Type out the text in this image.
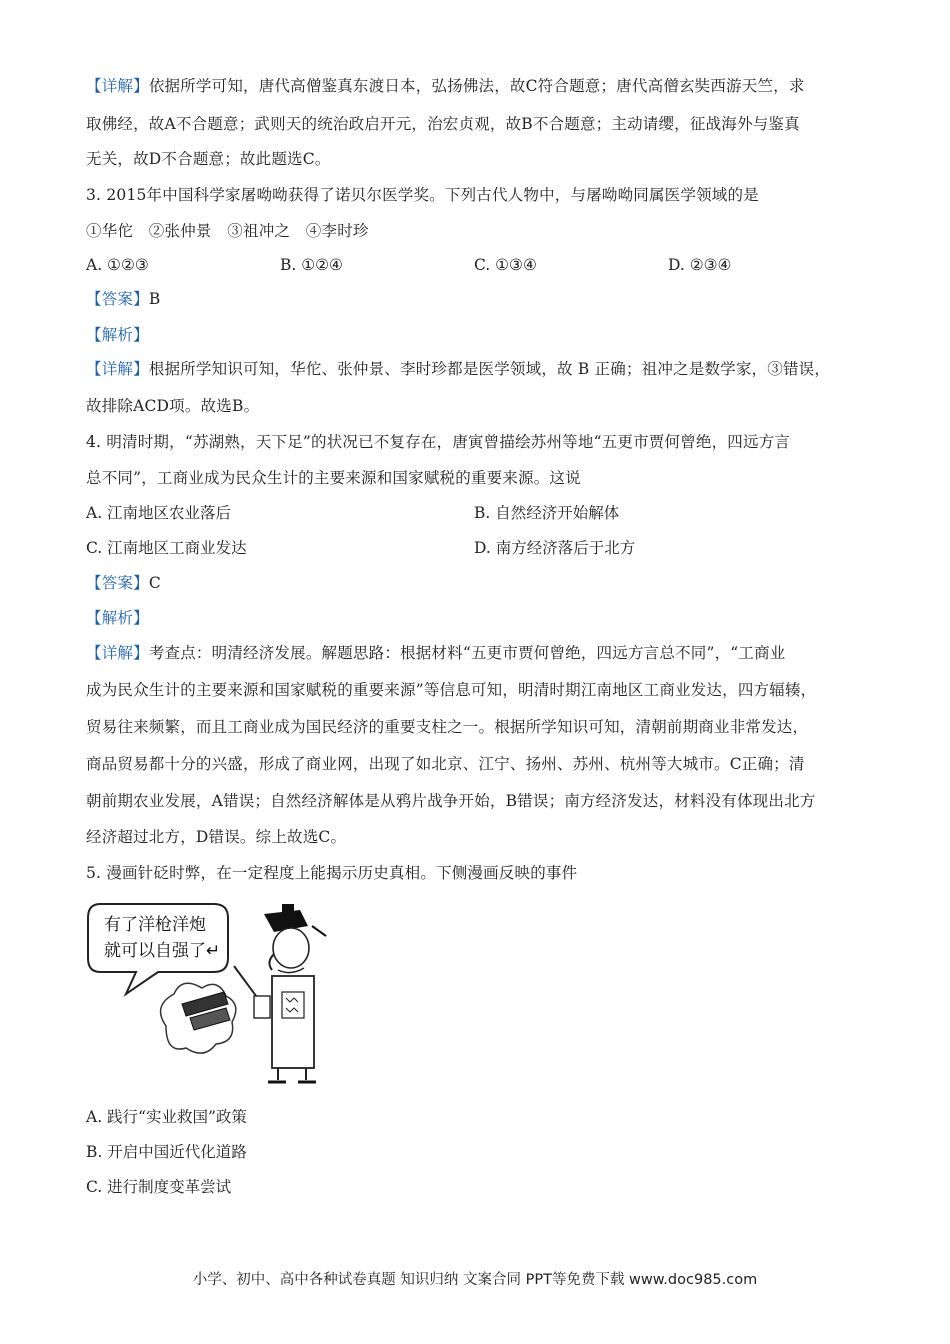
【详解】依据所学可知，唐代高僧鉴真东渡日本，弘扬佛法，故C符合题意；唐代高僧玄奘西游天竺，求
取佛经，故A不合题意；武则天的统治政启开元，治宏贞观，故B不合题意；主动请缨，征战海外与鉴真
无关，故D不合题意；故此题选C。
3. 2015年中国科学家屠呦呦获得了诺贝尔医学奖。下列古代人物中，与屠呦呦同属医学领域的是
①华佗　②张仲景　③祖冲之　④李时珍
A. ①②③	B. ①②④	C. ①③④	D. ②③④
【答案】B
【解析】
【详解】根据所学知识可知，华佗、张仲景、李时珍都是医学领域，故 B 正确；祖冲之是数学家，③错误，
故排除ACD项。故选B。
4. 明清时期，“苏湖熟，天下足”的状况已不复存在，唐寅曾描绘苏州等地“五更市贾何曾绝，四远方言
总不同”，工商业成为民众生计的主要来源和国家赋税的重要来源。这说
A. 江南地区农业落后	B. 自然经济开始解体
C. 江南地区工商业发达	D. 南方经济落后于北方
【答案】C
【解析】
【详解】考查点：明清经济发展。解题思路：根据材料“五更市贾何曾绝，四远方言总不同”，“工商业
成为民众生计的主要来源和国家赋税的重要来源”等信息可知，明清时期江南地区工商业发达，四方辐辏，
贸易往来频繁，而且工商业成为国民经济的重要支柱之一。根据所学知识可知，清朝前期商业非常发达，
商品贸易都十分的兴盛，形成了商业网，出现了如北京、江宁、扬州、苏州、杭州等大城市。C正确；清
朝前期农业发展，A错误；自然经济解体是从鸦片战争开始，B错误；南方经济发达，材料没有体现出北方
经济超过北方，D错误。综上故选C。
5. 漫画针砭时弊，在一定程度上能揭示历史真相。下侧漫画反映的事件
有了洋枪洋炮
就可以自强了↵
A. 践行“实业救国”政策
B. 开启中国近代化道路
C. 进行制度变革尝试
小学、初中、高中各种试卷真题 知识归纳 文案合同 PPT等免费下载 www.doc985.com
